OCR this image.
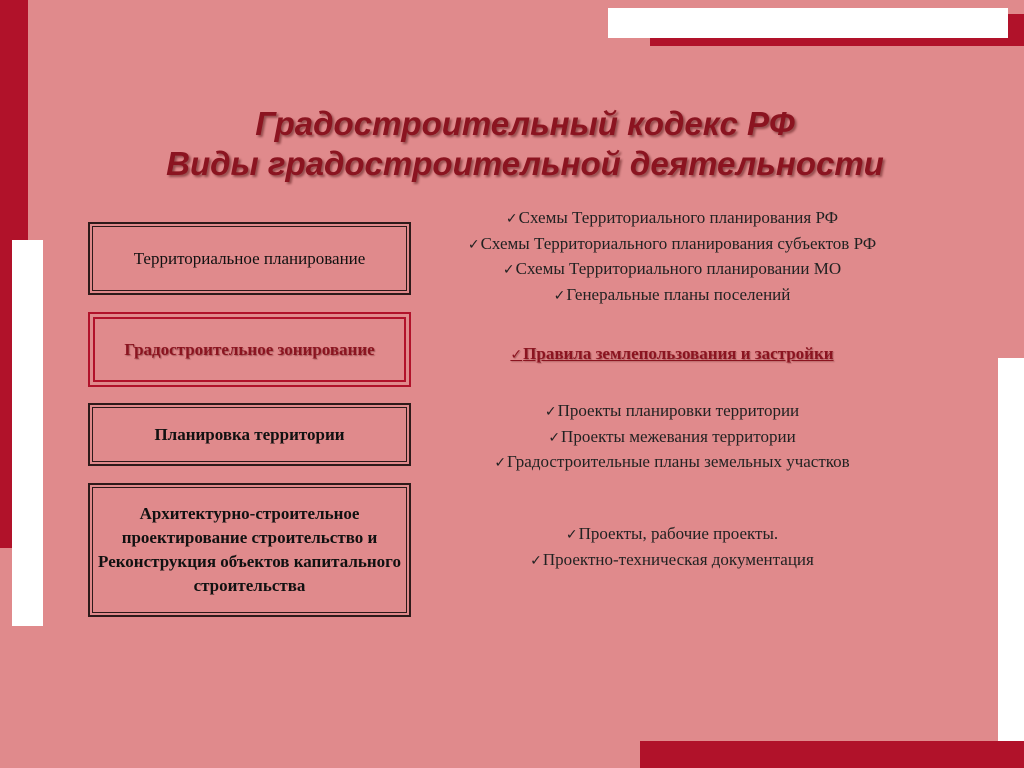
Градостроительный кодекс РФ
Виды градостроительной деятельности
Территориальное планирование
Градостроительное зонирование
Планировка территории
Архитектурно-строительное проектирование строительство и Реконструкция объектов капитального строительства
✓ Схемы Территориального планирования РФ
✓ Схемы Территориального планирования субъектов РФ
✓ Схемы Территориального планировании МО
✓ Генеральные планы поселений
✓ Правила землепользования и застройки
✓ Проекты планировки территории
✓ Проекты межевания территории
✓ Градостроительные планы земельных участков
✓ Проекты, рабочие проекты.
✓ Проектно-техническая документация
